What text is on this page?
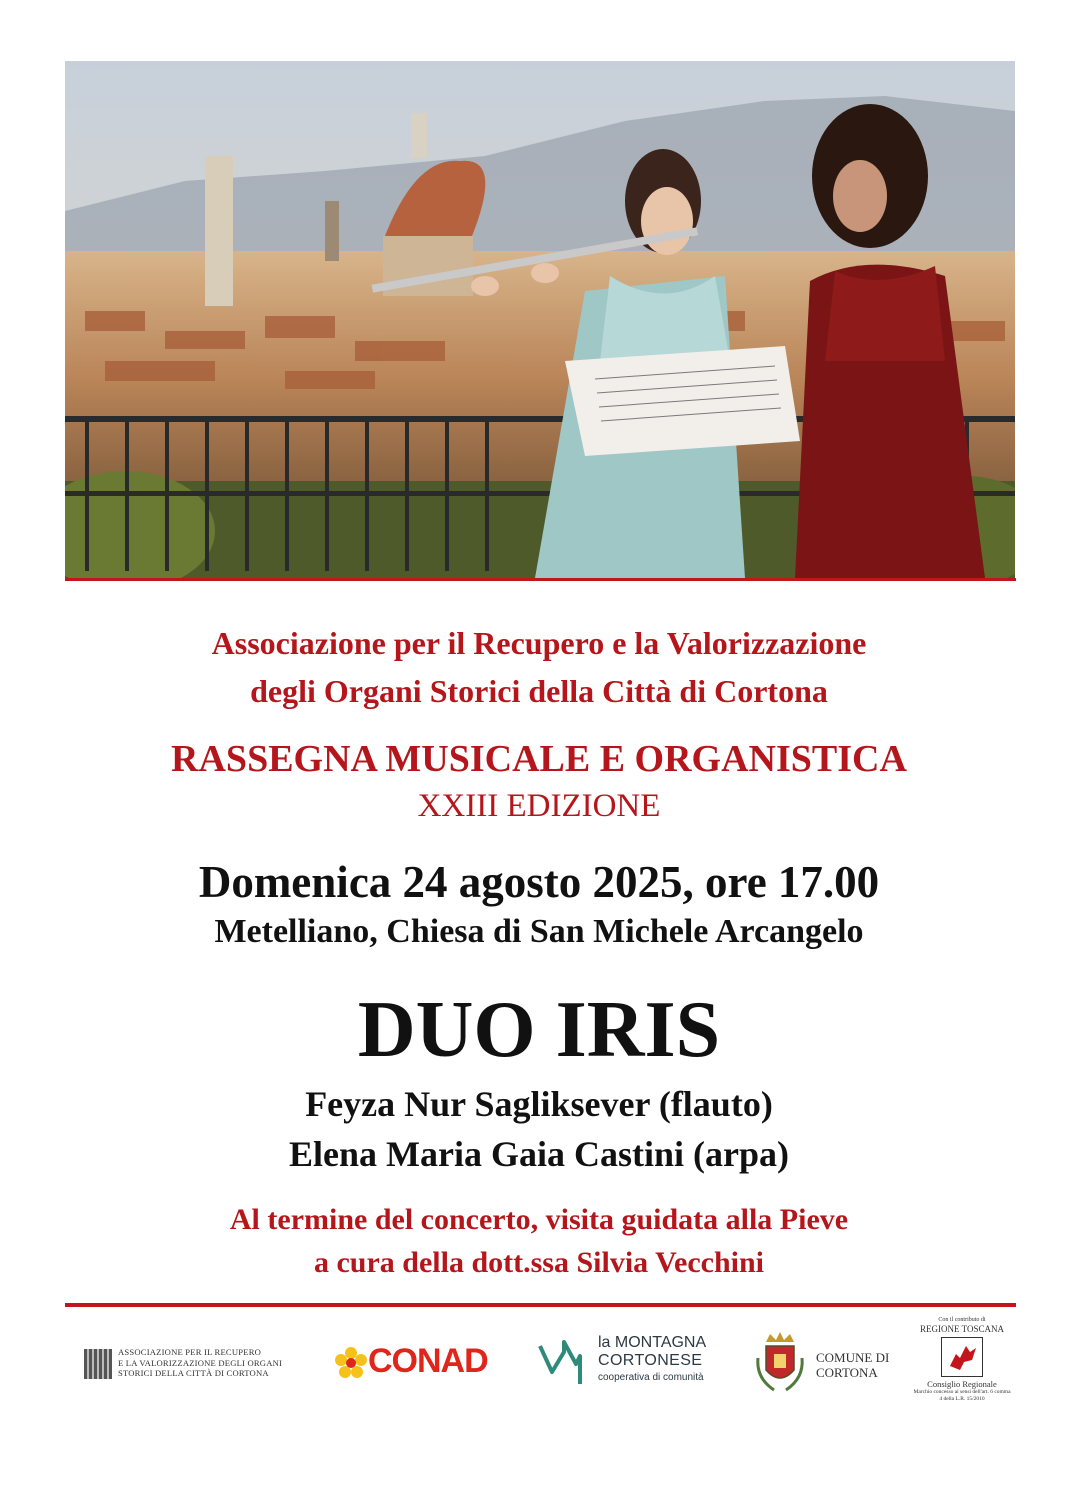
Associazione per il Recupero e la Valorizzazione
degli Organi Storici della Città di Cortona
RASSEGNA MUSICALE E ORGANISTICA
XXIII EDIZIONE
Domenica 24 agosto 2025, ore 17.00
Metelliano, Chiesa di San Michele Arcangelo
DUO IRIS
Feyza Nur Sagliksever (flauto)
Elena Maria Gaia Castini (arpa)
Al termine del concerto, visita guidata alla Pieve
a cura della dott.ssa Silvia Vecchini
ASSOCIAZIONE PER IL RECUPERO
E LA VALORIZZAZIONE DEGLI ORGANI
STORICI DELLA CITTÀ DI CORTONA	CONAD	la MONTAGNA
CORTONESE
cooperativa di comunità
COMUNE DI
CORTONA
Con il contributo di
REGIONE TOSCANA
Consiglio Regionale
Marchio concesso ai sensi dell'art. 6 comma 4 della L.R. 15/2010
